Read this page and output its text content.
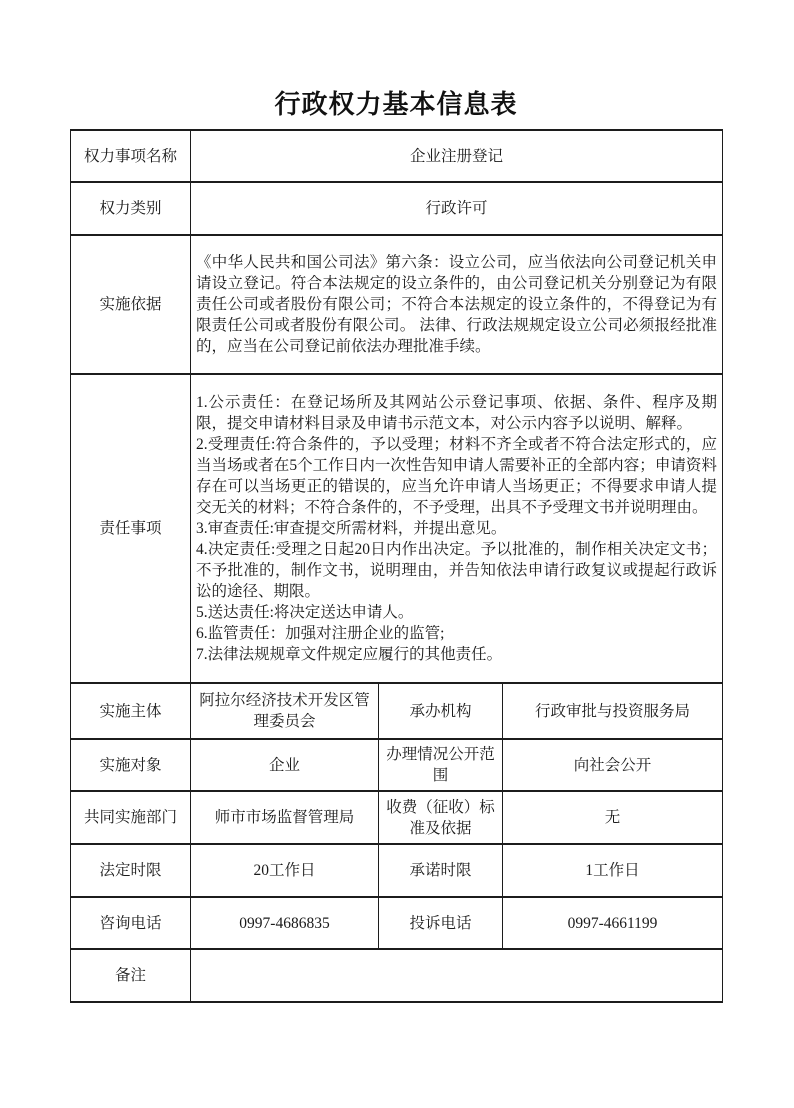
行政权力基本信息表
权力事项名称	企业注册登记		
权力类别	行政许可		
实施依据	《中华人民共和国公司法》第六条：设立公司，应当依法向公司登记机关申请设立登记。符合本法规定的设立条件的，由公司登记机关分别登记为有限责任公司或者股份有限公司；不符合本法规定的设立条件的，不得登记为有限责任公司或者股份有限公司。 法律、行政法规规定设立公司必须报经批准的，应当在公司登记前依法办理批准手续。		
责任事项	
1.公示责任：在登记场所及其网站公示登记事项、依据、条件、程序及期限，提交申请材料目录及申请书示范文本，对公示内容予以说明、解释。
2.受理责任:符合条件的，予以受理；材料不齐全或者不符合法定形式的，应当当场或者在5个工作日内一次性告知申请人需要补正的全部内容；申请资料存在可以当场更正的错误的，应当允许申请人当场更正；不得要求申请人提交无关的材料；不符合条件的，不予受理，出具不予受理文书并说明理由。
3.审查责任:审查提交所需材料，并提出意见。
4.决定责任:受理之日起20日内作出决定。予以批准的，制作相关决定文书；不予批准的，制作文书，说明理由，并告知依法申请行政复议或提起行政诉讼的途径、期限。
5.送达责任:将决定送达申请人。
6.监管责任：加强对注册企业的监管;
7.法律法规规章文件规定应履行的其他责任。

实施主体	阿拉尔经济技术开发区管理委员会	承办机构	行政审批与投资服务局
实施对象	企业	办理情况公开范围	向社会公开
共同实施部门	师市市场监督管理局	收费（征收）标准及依据	无
法定时限	20工作日	承诺时限	1工作日
咨询电话	0997-4686835	投诉电话	0997-4661199
备注			
